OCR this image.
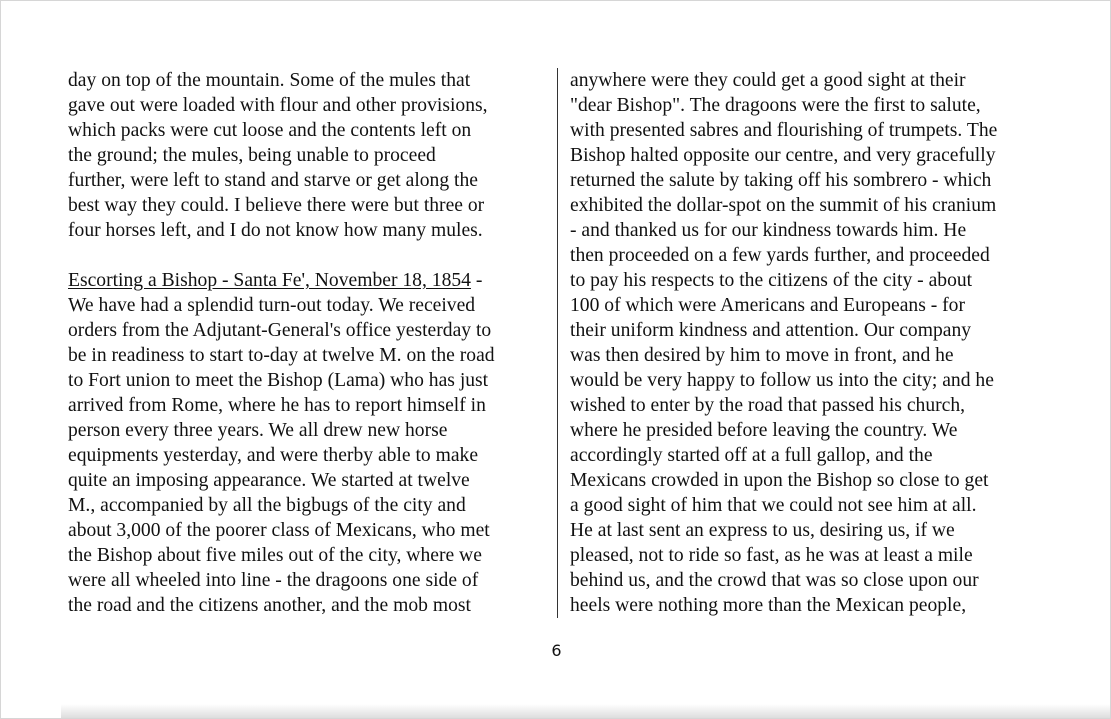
day on top of the mountain. Some of the mules that
gave out were loaded with flour and other provisions,
which packs were cut loose and the contents left on
the ground; the mules, being unable to proceed
further, were left to stand and starve or get along the
best way they could. I believe there were but three or
four horses left, and I do not know how many mules.
Escorting a Bishop - Santa Fe', November 18, 1854 -
We have had a splendid turn-out today. We received
orders from the Adjutant-General's office yesterday to
be in readiness to start to-day at twelve M. on the road
to Fort union to meet the Bishop (Lama) who has just
arrived from Rome, where he has to report himself in
person every three years. We all drew new horse
equipments yesterday, and were therby able to make
quite an imposing appearance. We started at twelve
M., accompanied by all the bigbugs of the city and
about 3,000 of the poorer class of Mexicans, who met
the Bishop about five miles out of the city, where we
were all wheeled into line - the dragoons one side of
the road and the citizens another, and the mob most
anywhere were they could get a good sight at their
"dear Bishop". The dragoons were the first to salute,
with presented sabres and flourishing of trumpets. The
Bishop halted opposite our centre, and very gracefully
returned the salute by taking off his sombrero - which
exhibited the dollar-spot on the summit of his cranium
- and thanked us for our kindness towards him. He
then proceeded on a few yards further, and proceeded
to pay his respects to the citizens of the city - about
100 of which were Americans and Europeans - for
their uniform kindness and attention. Our company
was then desired by him to move in front, and he
would be very happy to follow us into the city; and he
wished to enter by the road that passed his church,
where he presided before leaving the country. We
accordingly started off at a full gallop, and the
Mexicans crowded in upon the Bishop so close to get
a good sight of him that we could not see him at all.
He at last sent an express to us, desiring us, if we
pleased, not to ride so fast, as he was at least a mile
behind us, and the crowd that was so close upon our
heels were nothing more than the Mexican people,
6
